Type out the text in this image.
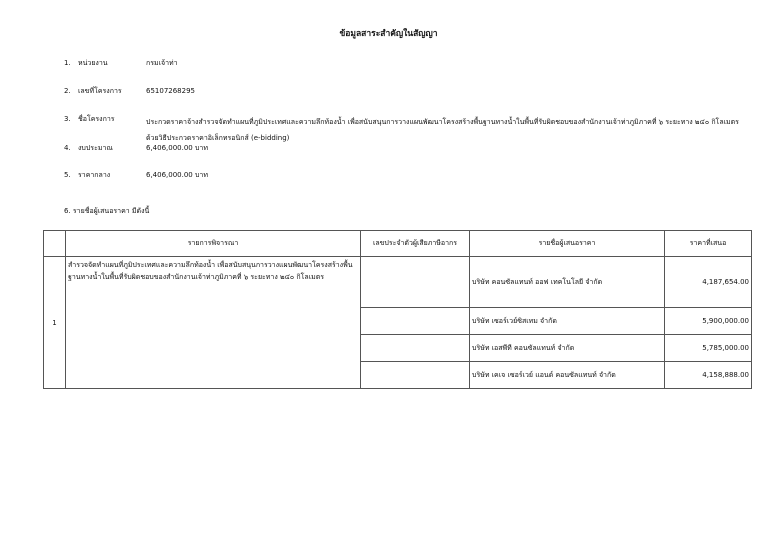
ข้อมูลสาระสำคัญในสัญญา
1. หน่วยงาน	กรมเจ้าท่า
2. เลขที่โครงการ	65107268295
3. ชื่อโครงการ	ประกวดราคาจ้างสำรวจจัดทำแผนที่ภูมิประเทศและความลึกท้องน้ำ เพื่อสนับสนุนการวางแผนพัฒนาโครงสร้างพื้นฐานทางน้ำในพื้นที่รับผิดชอบของสำนักงานเจ้าท่าภูมิภาคที่ ๖ ระยะทาง ๒๔๐ กิโลเมตร ด้วยวิธีประกวดราคาอิเล็กทรอนิกส์ (e-bidding)
4. งบประมาณ	6,406,000.00 บาท
5. ราคากลาง	6,406,000.00 บาท
6. รายชื่อผู้เสนอราคา มีดังนี้
	รายการพิจารณา	เลขประจำตัวผู้เสียภาษีอากร	รายชื่อผู้เสนอราคา	ราคาที่เสนอ
1	สำรวจจัดทำแผนที่ภูมิประเทศและความลึกท้องน้ำ เพื่อสนับสนุนการวางแผนพัฒนาโครงสร้างพื้นฐานทางน้ำในพื้นที่รับผิดชอบของสำนักงานเจ้าท่าภูมิภาคที่ ๖ ระยะทาง ๒๔๐ กิโลเมตร		บริษัท คอนซัลแทนท์ ออฟ เทคโนโลยี จำกัด	4,187,654.00
			บริษัท เซอร์เวย์ซิสเทม จำกัด	5,900,000.00
			บริษัท เอสพีที คอนซัลแทนท์ จำกัด	5,785,000.00
			บริษัท เคเจ เซอร์เวย์ แอนด์ คอนซัลแทนท์ จำกัด	4,158,888.00
